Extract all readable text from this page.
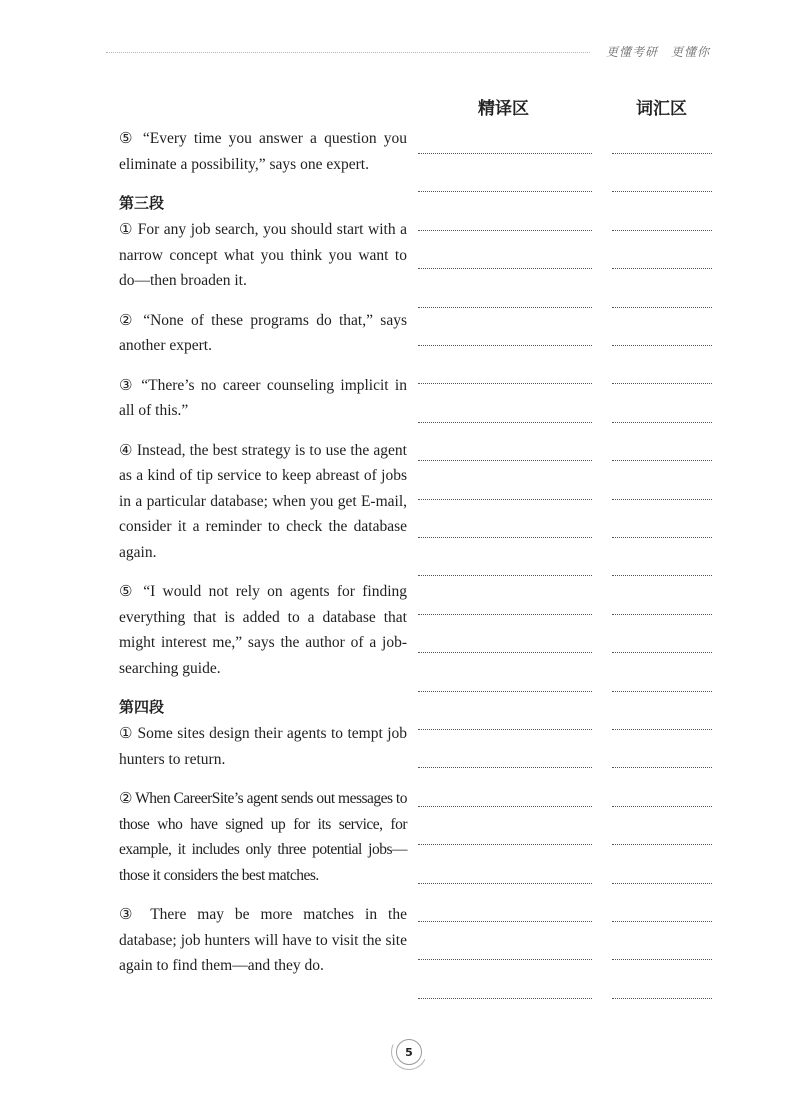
更懂考研　更懂你
精译区	词汇区

⑤ “Every time you answer a question you eliminate a possibility,” says one expert.

第三段

① For any job search, you should start with a narrow concept what you think you want to do—then broaden it.

② “None of these programs do that,” says another expert.

③ “There’s no career counseling implicit in all of this.”

④ Instead, the best strategy is to use the agent as a kind of tip service to keep abreast of jobs in a particular database; when you get E-mail, consider it a reminder to check the database again.

⑤ “I would not rely on agents for finding everything that is added to a database that might interest me,” says the author of a job-searching guide.

第四段

① Some sites design their agents to tempt job hunters to return.

② When CareerSite’s agent sends out messages to those who have signed up for its service, for example, it includes only three potential jobs—those it considers the best matches.

③ There may be more matches in the database; job hunters will have to visit the site again to find them—and they do.

5
